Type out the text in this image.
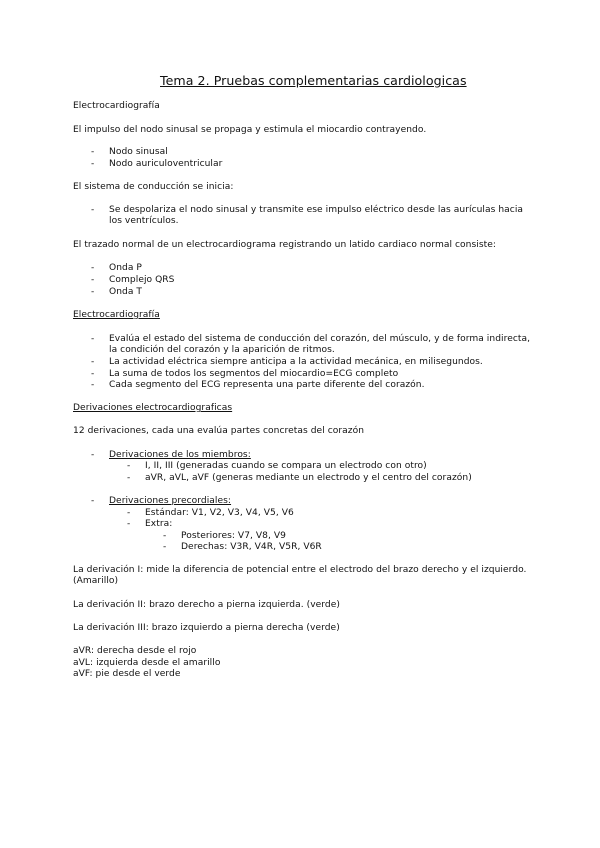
Tema 2. Pruebas complementarias cardiologicas
Electrocardiografía
El impulso del nodo sinusal se propaga y estimula el miocardio contrayendo.
- Nodo sinusal
- Nodo auriculoventricular
El sistema de conducción se inicia:
- Se despolariza el nodo sinusal y transmite ese impulso eléctrico desde las aurículas hacia los ventrículos.
El trazado normal de un electrocardiograma registrando un latido cardiaco normal consiste:
- Onda P
- Complejo QRS
- Onda T
Electrocardiografía
- Evalúa el estado del sistema de conducción del corazón, del músculo, y de forma indirecta, la condición del corazón y la aparición de ritmos.
- La actividad eléctrica siempre anticipa a la actividad mecánica, en milisegundos.
- La suma de todos los segmentos del miocardio=ECG completo
- Cada segmento del ECG representa una parte diferente del corazón.
Derivaciones electrocardiograficas
12 derivaciones, cada una evalúa partes concretas del corazón
- Derivaciones de los miembros:
- I, II, III (generadas cuando se compara un electrodo con otro)
- aVR, aVL, aVF (generas mediante un electrodo y el centro del corazón)
- Derivaciones precordiales:
- Estándar: V1, V2, V3, V4, V5, V6
- Extra:
- Posteriores: V7, V8, V9
- Derechas: V3R, V4R, V5R, V6R
La derivación I: mide la diferencia de potencial entre el electrodo del brazo derecho y el izquierdo. (Amarillo)
La derivación II: brazo derecho a pierna izquierda. (verde)
La derivación III: brazo izquierdo a pierna derecha (verde)
aVR: derecha desde el rojo
aVL: izquierda desde el amarillo
aVF: pie desde el verde
